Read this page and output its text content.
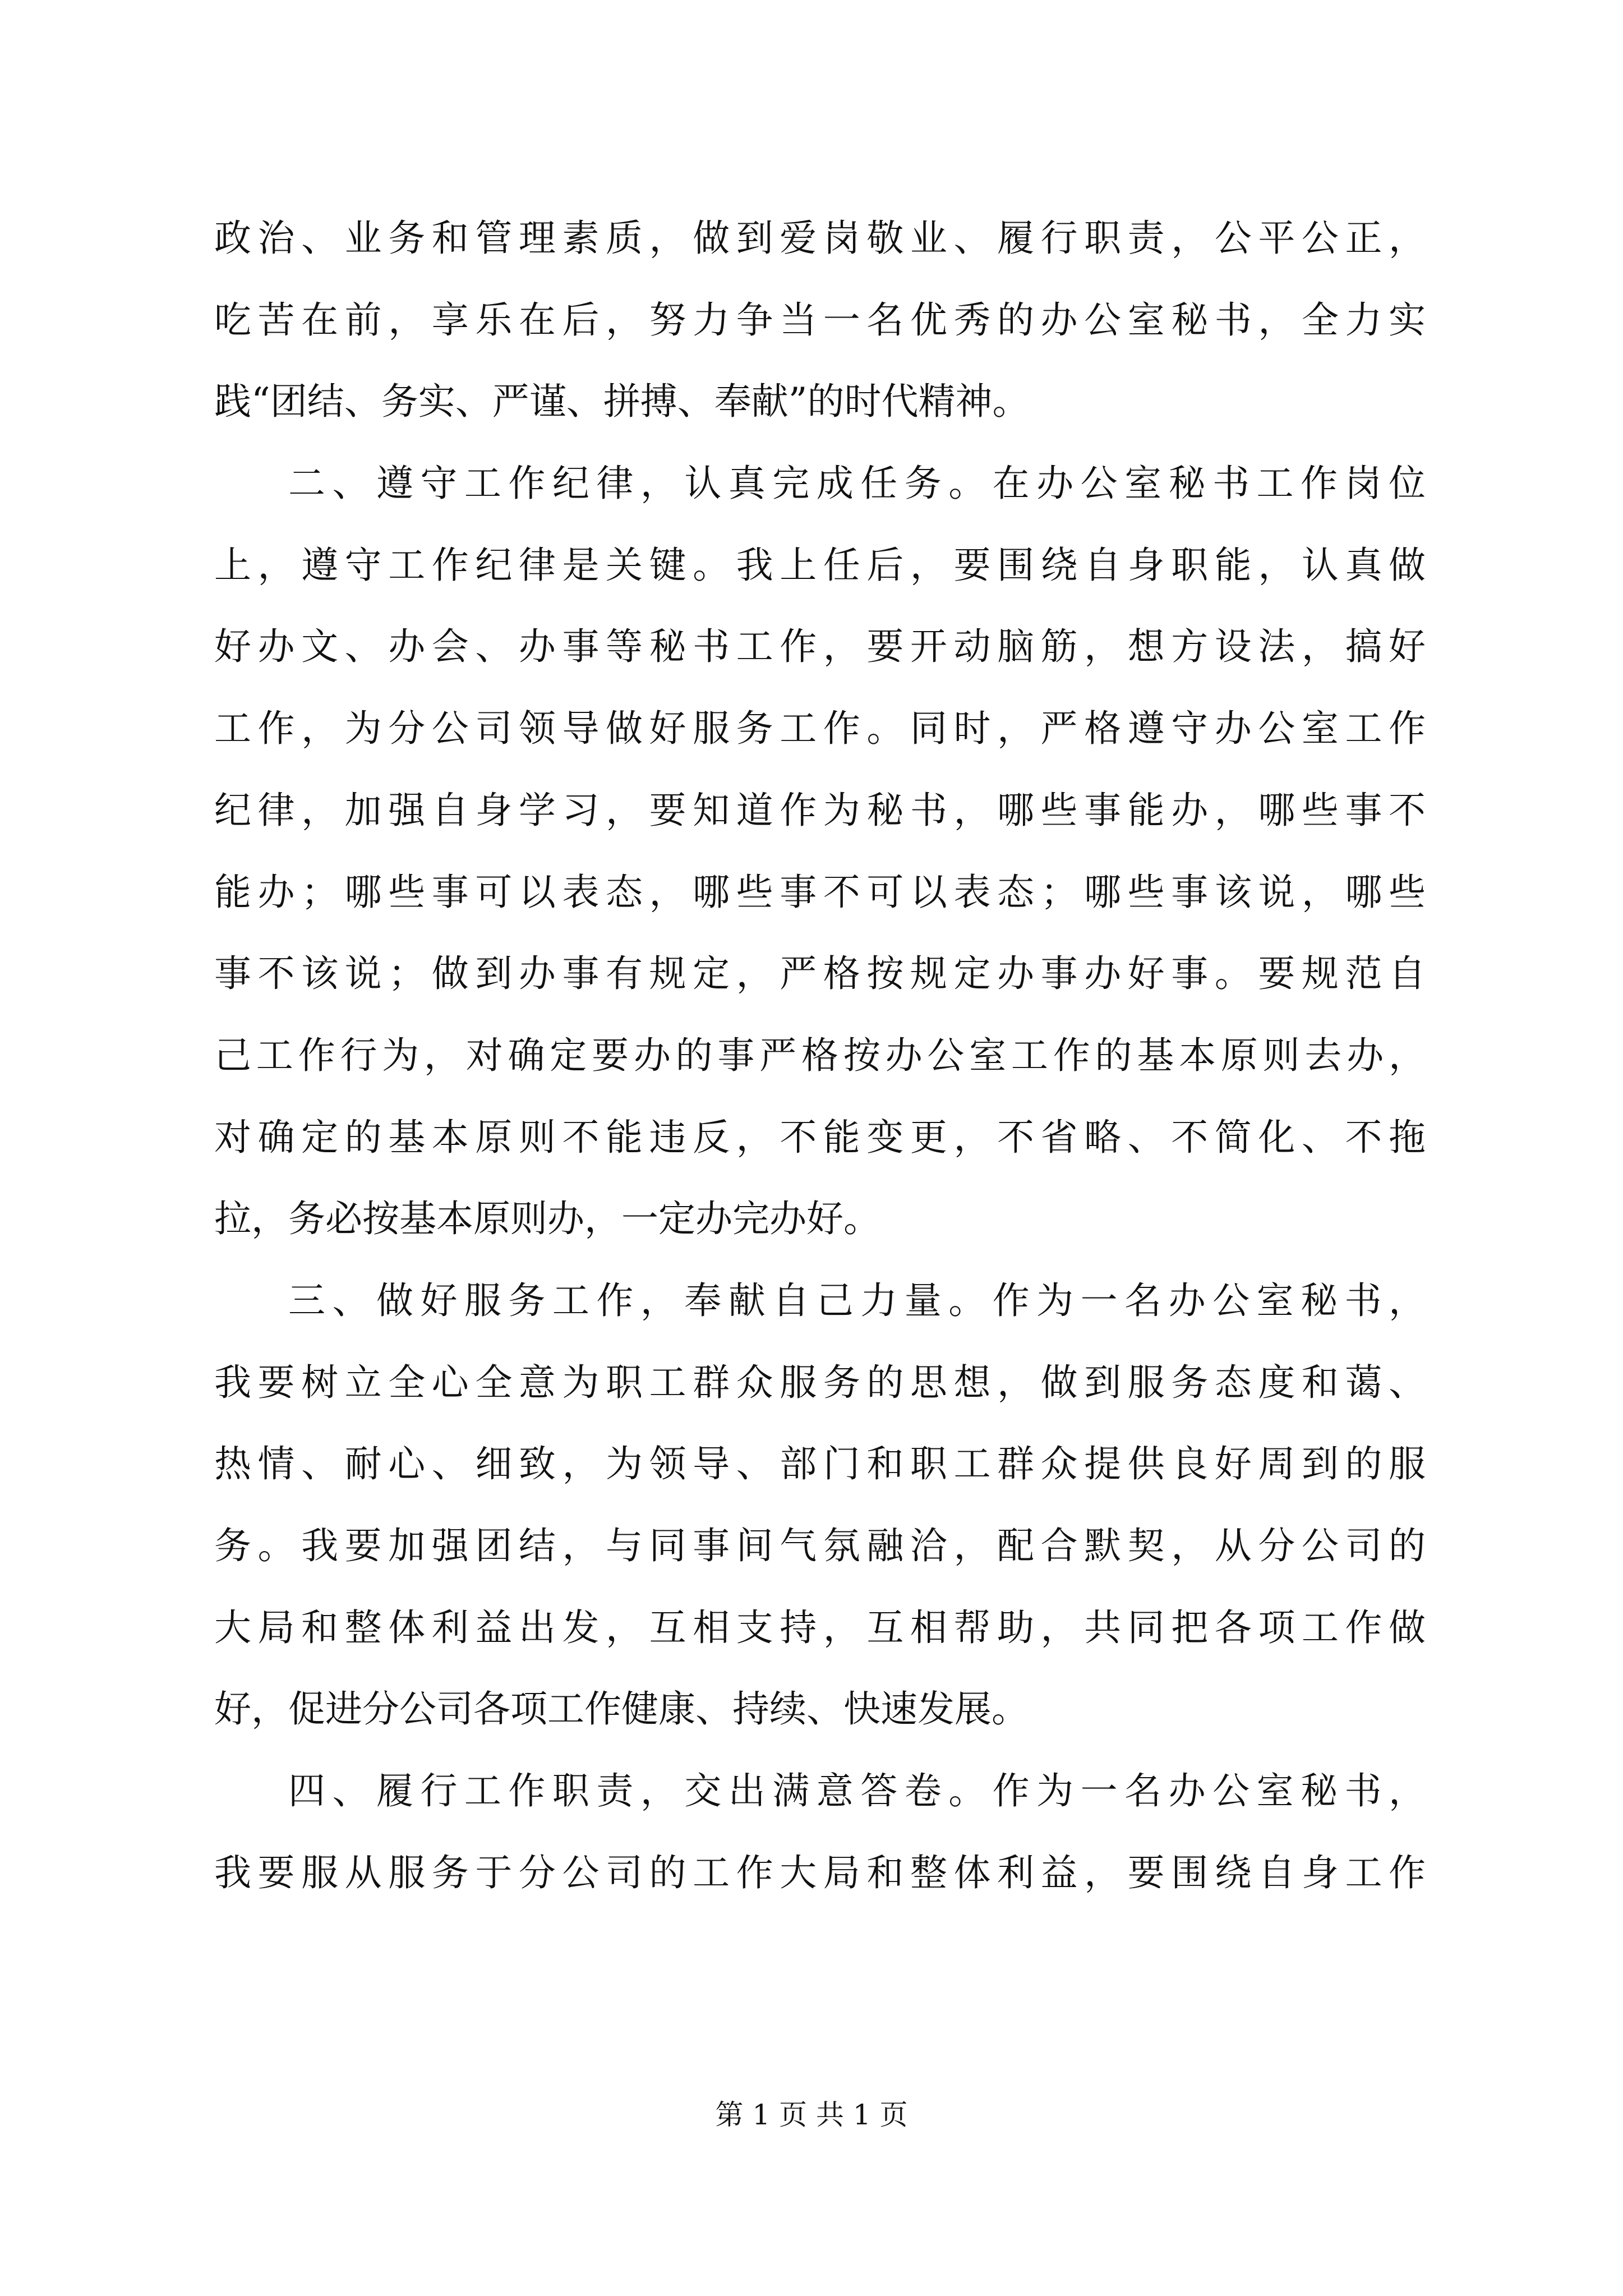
政治、业务和管理素质，做到爱岗敬业、履行职责，公平公正，
吃苦在前，享乐在后，努力争当一名优秀的办公室秘书，全力实
践“团结、务实、严谨、拼搏、奉献”的时代精神。
二、遵守工作纪律，认真完成任务。在办公室秘书工作岗位
上，遵守工作纪律是关键。我上任后，要围绕自身职能，认真做
好办文、办会、办事等秘书工作，要开动脑筋，想方设法，搞好
工作，为分公司领导做好服务工作。同时，严格遵守办公室工作
纪律，加强自身学习，要知道作为秘书，哪些事能办，哪些事不
能办；哪些事可以表态，哪些事不可以表态；哪些事该说，哪些
事不该说；做到办事有规定，严格按规定办事办好事。要规范自
己工作行为，对确定要办的事严格按办公室工作的基本原则去办，
对确定的基本原则不能违反，不能变更，不省略、不简化、不拖
拉，务必按基本原则办，一定办完办好。
三、做好服务工作，奉献自己力量。作为一名办公室秘书，
我要树立全心全意为职工群众服务的思想，做到服务态度和蔼、
热情、耐心、细致，为领导、部门和职工群众提供良好周到的服
务。我要加强团结，与同事间气氛融洽，配合默契，从分公司的
大局和整体利益出发，互相支持，互相帮助，共同把各项工作做
好，促进分公司各项工作健康、持续、快速发展。
四、履行工作职责，交出满意答卷。作为一名办公室秘书，
我要服从服务于分公司的工作大局和整体利益，要围绕自身工作
第 1 页 共 1 页
